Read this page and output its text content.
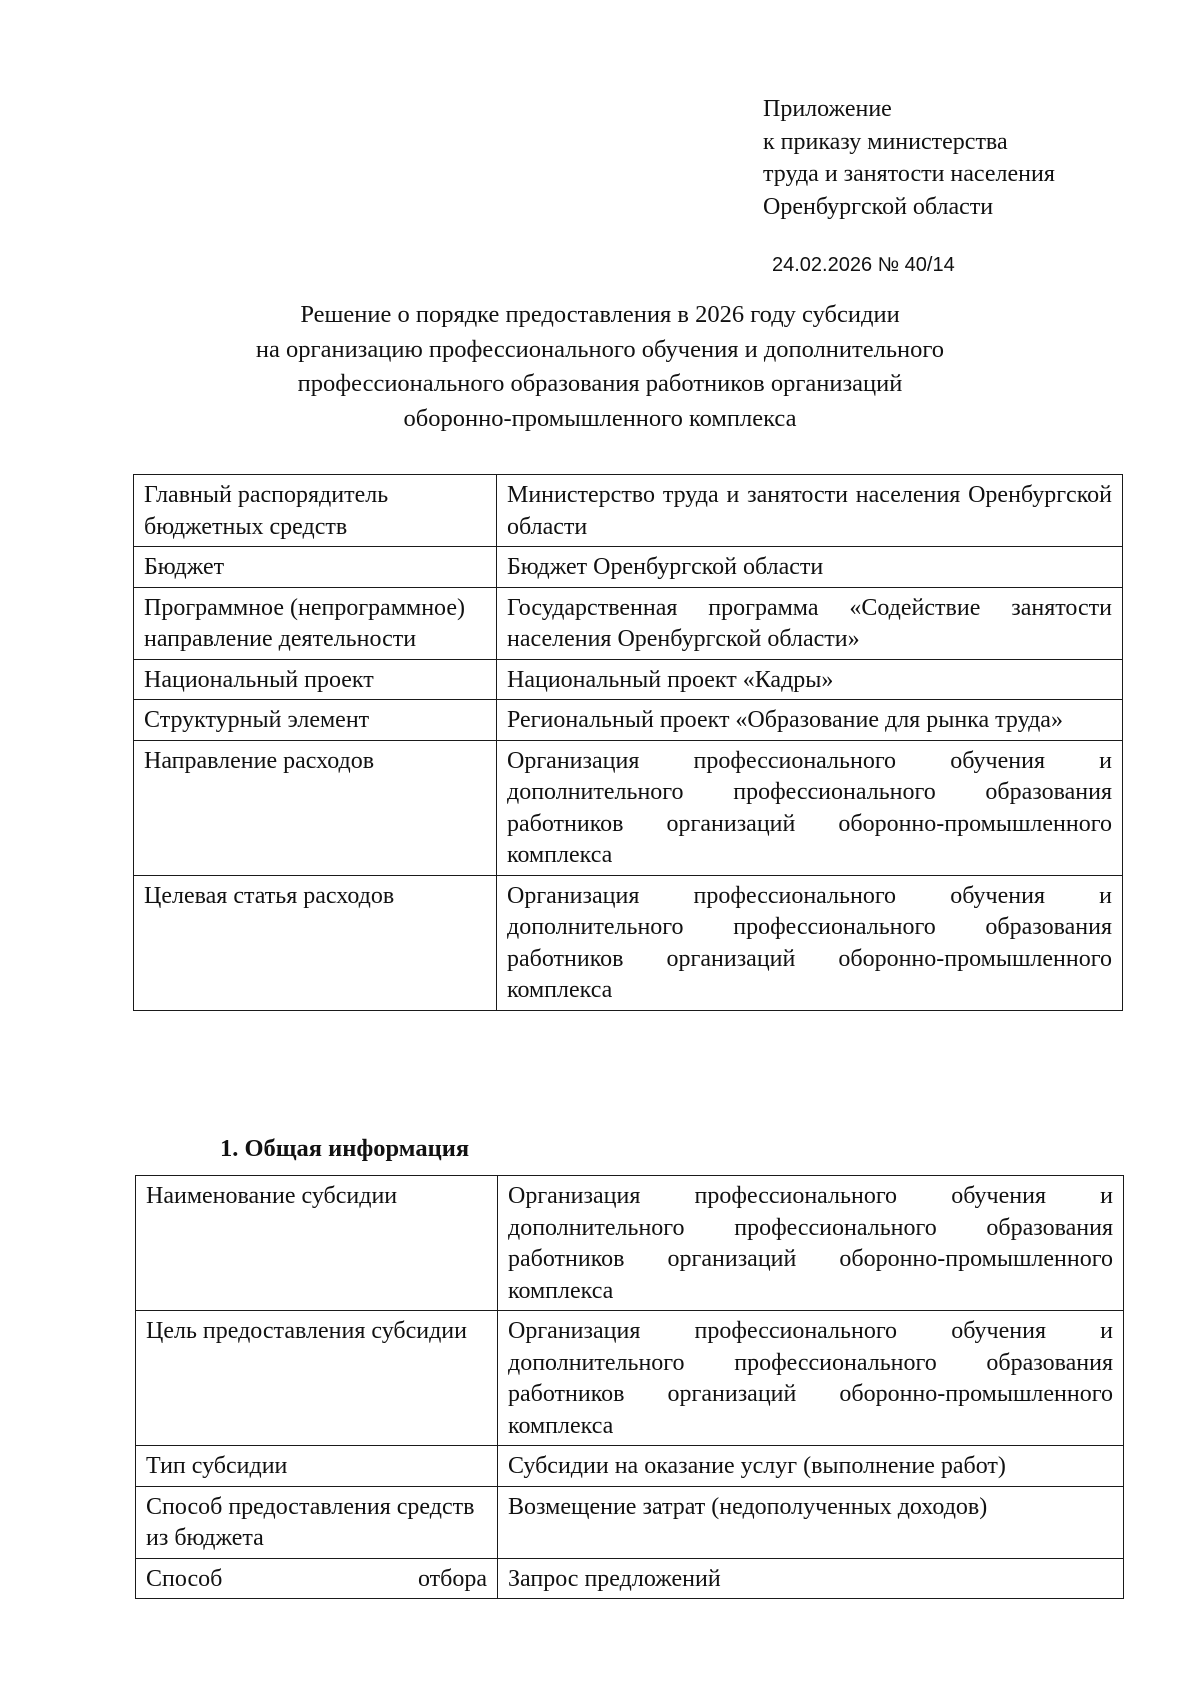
Приложение
к приказу министерства
труда и занятости населения
Оренбургской области
24.02.2026 № 40/14
Решение о порядке предоставления в 2026 году субсидии
на организацию профессионального обучения и дополнительного
профессионального образования работников организаций
оборонно-промышленного комплекса
Главный распорядитель бюджетных средств	Министерство труда и занятости населения Оренбургской области
Бюджет	Бюджет Оренбургской области
Программное (непрограммное) направление деятельности	Государственная программа «Содействие занятости населения Оренбургской области»
Национальный проект	Национальный проект «Кадры»
Структурный элемент	Региональный проект «Образование для рынка труда»
Направление расходов	Организация профессионального обучения и дополнительного профессионального образования работников организаций оборонно-промышленного комплекса
Целевая статья расходов	Организация профессионального обучения и дополнительного профессионального образования работников организаций оборонно-промышленного комплекса
1. Общая информация
Наименование субсидии	Организация профессионального обучения и дополнительного профессионального образования работников организаций оборонно-промышленного комплекса
Цель предоставления субсидии	Организация профессионального обучения и дополнительного профессионального образования работников организаций оборонно-промышленного комплекса
Тип субсидии	Субсидии на оказание услуг (выполнение работ)
Способ предоставления средств из бюджета	Возмещение затрат (недополученных доходов)
Способ отбора	Запрос предложений
